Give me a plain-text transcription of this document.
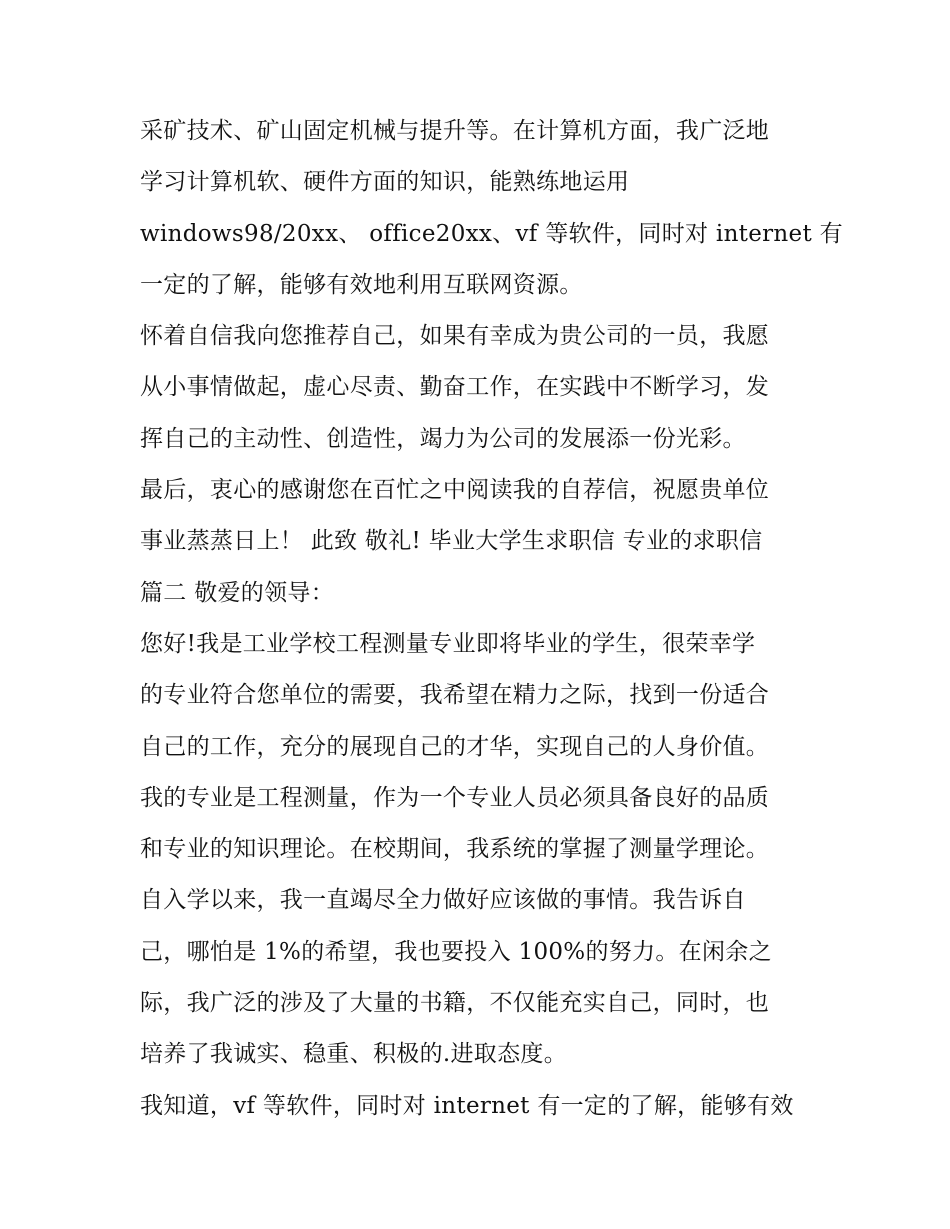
采矿技术、矿山固定机械与提升等。在计算机方面，我广泛地
学习计算机软、硬件方面的知识，能熟练地运用
windows98/20xx、 office20xx、vf 等软件，同时对 internet 有
一定的了解，能够有效地利用互联网资源。
怀着自信我向您推荐自己，如果有幸成为贵公司的一员，我愿
从小事情做起，虚心尽责、勤奋工作，在实践中不断学习，发
挥自己的主动性、创造性，竭力为公司的发展添一份光彩。
最后，衷心的感谢您在百忙之中阅读我的自荐信，祝愿贵单位
事业蒸蒸日上！ 此致 敬礼! 毕业大学生求职信 专业的求职信
篇二 敬爱的领导：
您好!我是工业学校工程测量专业即将毕业的学生，很荣幸学
的专业符合您单位的需要，我希望在精力之际，找到一份适合
自己的工作，充分的展现自己的才华，实现自己的人身价值。
我的专业是工程测量，作为一个专业人员必须具备良好的品质
和专业的知识理论。在校期间，我系统的掌握了测量学理论。
自入学以来，我一直竭尽全力做好应该做的事情。我告诉自
己，哪怕是 1%的希望，我也要投入 100%的努力。在闲余之
际，我广泛的涉及了大量的书籍，不仅能充实自己，同时，也
培养了我诚实、稳重、积极的.进取态度。
我知道，vf 等软件，同时对 internet 有一定的了解，能够有效
